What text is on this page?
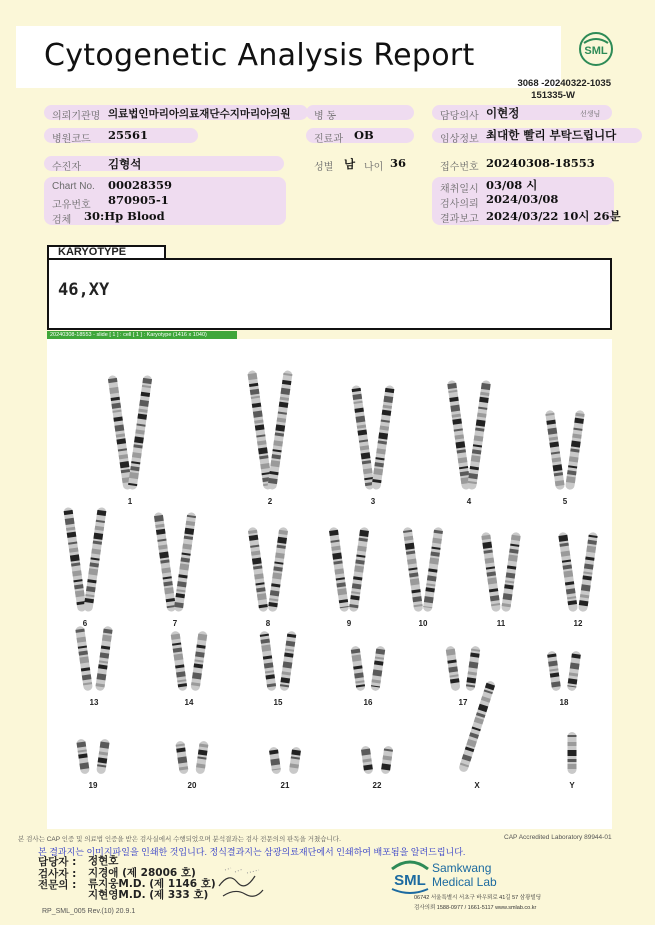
Cytogenetic Analysis Report	SML
3068 -20240322-1035
151335-W
의뢰기관명 의료법인마리아의료재단수지마리아의원 병 동	담당의사 이현정	선생님
병원코드 25561	진료과 OB	임상정보 최대한 빨리 부탁드립니다
수진자 김형석	성별 남 나이 36	접수번호 20240308-18553
Chart No. 00028359
고유번호 870905-1
검체 30:Hp Blood
채취일시 03/08 시
검사의뢰 2024/03/08
결과보고 2024/03/22 10시 26분
KARYOTYPE
46,XY
20240308-18553 - slide [ 1 ] : cell [ 1 ] : Karyotype (1416 x 1040)
1	2	3	4	5
6	7	8	9	10	11	12
13	14	15	16	17	18
19	20	21	22	X	Y
본 검사는 CAP 인증 및 의료법 인증을 받은 검사실에서 수행되었으며 분석결과는 검사 전문의의 판독을 거쳤습니다.	CAP Accredited Laboratory 89944-01
본 결과지는 이미지파일을 인쇄한 것입니다. 정식결과지는 삼광의료재단에서 인쇄하여 배포됨을 알려드립니다.
담당자 : 정현호
검사자 : 지경애 (제 28006 호)
전문의 : 류지웅M.D. (제 1146 호)
지현영M.D. (제 333 호)
SML
Samkwang
Medical Lab
06742 서울특별시 서초구 바우뫼로 41길 57 삼광빌딩
검사의뢰 1588-0977 / 1661-5117 www.smlab.co.kr
RP_SML_005 Rev.(10) 20.9.1
